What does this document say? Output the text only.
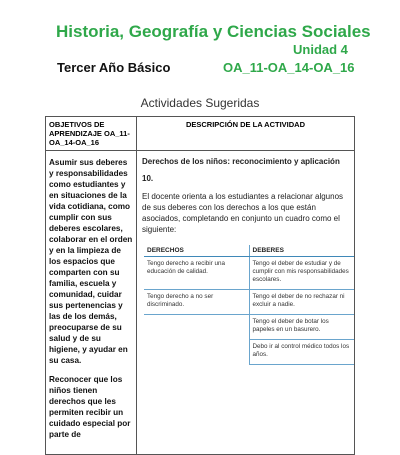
Historia, Geografía y Ciencias Sociales
Unidad 4
Tercer Año Básico	OA_11-OA_14-OA_16
Actividades Sugeridas
OBJETIVOS DE APRENDIZAJE OA_11-OA_14-OA_16	DESCRIPCIÓN DE LA ACTIVIDAD

Asumir sus deberes y responsabilidades como estudiantes y en situaciones de la vida cotidiana, como cumplir con sus deberes escolares, colaborar en el orden y en la limpieza de los espacios que comparten con su familia, escuela y comunidad, cuidar sus pertenencias y las de los demás, preocuparse de su salud y de su higiene, y ayudar en su casa.

Reconocer que los niños tienen derechos que les permiten recibir un cuidado especial por parte de

Derechos de los niños: reconocimiento y aplicación
10.
El docente orienta a los estudiantes a relacionar algunos de sus deberes con los derechos a los que están asociados, completando en conjunto un cuadro como el siguiente:
DERECHOS	DEBERES
Tengo derecho a recibir una educación de calidad.	Tengo el deber de estudiar y de cumplir con mis responsabilidades escolares.
Tengo derecho a no ser discriminado.	Tengo el deber de no rechazar ni excluir a nadie.
	Tengo el deber de botar los papeles en un basurero.
	Debo ir al control médico todos los años.
